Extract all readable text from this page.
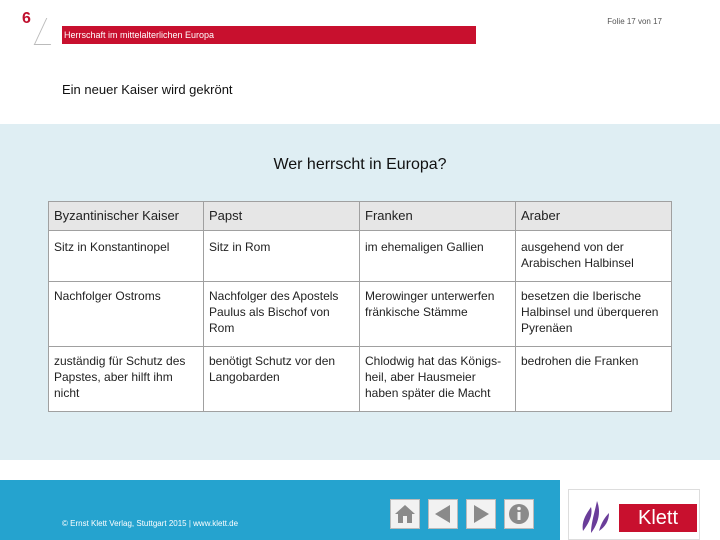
6	Folie 17 von 17
Herrschaft im mittelalterlichen Europa
Ein neuer Kaiser wird gekrönt
Wer herrscht in Europa?
Byzantinischer Kaiser	Papst	Franken	Araber
Sitz in Konstantinopel	Sitz in Rom	im ehemaligen Gallien	ausgehend von der Arabischen Halbinsel
Nachfolger Ostroms	Nachfolger des Apostels Paulus als Bischof von Rom	Merowinger unterwerfen fränkische Stämme	besetzen die Iberische Halbinsel und überqueren Pyrenäen
zuständig für Schutz des Papstes, aber hilft ihm nicht	benötigt Schutz vor den Langobarden	Chlodwig hat das Königs-heil, aber Hausmeier haben später die Macht	bedrohen die Franken
© Ernst Klett Verlag, Stuttgart 2015 | www.klett.de	Klett
